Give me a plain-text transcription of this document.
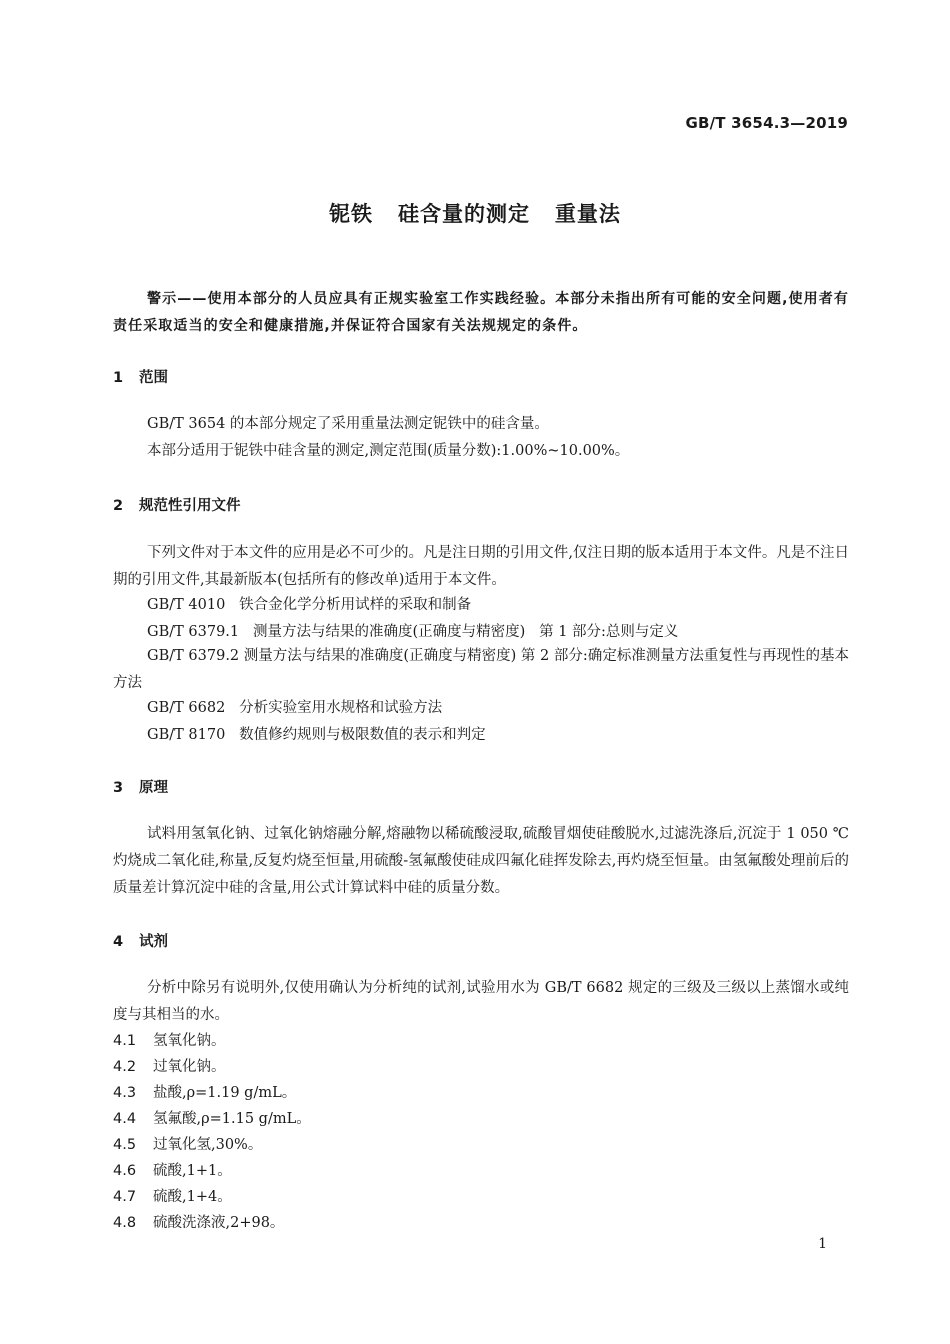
GB/T 3654.3—2019
铌铁   硅含量的测定   重量法
警示——使用本部分的人员应具有正规实验室工作实践经验。本部分未指出所有可能的安全问题,使用者有责任采取适当的安全和健康措施,并保证符合国家有关法规规定的条件。
1 范围
GB/T 3654 的本部分规定了采用重量法测定铌铁中的硅含量。
本部分适用于铌铁中硅含量的测定,测定范围(质量分数):1.00%~10.00%。
2 规范性引用文件
下列文件对于本文件的应用是必不可少的。凡是注日期的引用文件,仅注日期的版本适用于本文件。凡是不注日期的引用文件,其最新版本(包括所有的修改单)适用于本文件。
GB/T 4010   铁合金化学分析用试样的采取和制备
GB/T 6379.1   测量方法与结果的准确度(正确度与精密度)   第 1 部分:总则与定义
GB/T 6379.2 测量方法与结果的准确度(正确度与精密度) 第 2 部分:确定标准测量方法重复性与再现性的基本方法
GB/T 6682   分析实验室用水规格和试验方法
GB/T 8170   数值修约规则与极限数值的表示和判定
3 原理
试料用氢氧化钠、过氧化钠熔融分解,熔融物以稀硫酸浸取,硫酸冒烟使硅酸脱水,过滤洗涤后,沉淀于 1 050 ℃灼烧成二氧化硅,称量,反复灼烧至恒量,用硫酸-氢氟酸使硅成四氟化硅挥发除去,再灼烧至恒量。由氢氟酸处理前后的质量差计算沉淀中硅的含量,用公式计算试料中硅的质量分数。
4 试剂
分析中除另有说明外,仅使用确认为分析纯的试剂,试验用水为 GB/T 6682 规定的三级及三级以上蒸馏水或纯度与其相当的水。
4.1 氢氧化钠。
4.2 过氧化钠。
4.3 盐酸,ρ=1.19 g/mL。
4.4 氢氟酸,ρ=1.15 g/mL。
4.5 过氧化氢,30%。
4.6 硫酸,1+1。
4.7 硫酸,1+4。
4.8 硫酸洗涤液,2+98。
1
